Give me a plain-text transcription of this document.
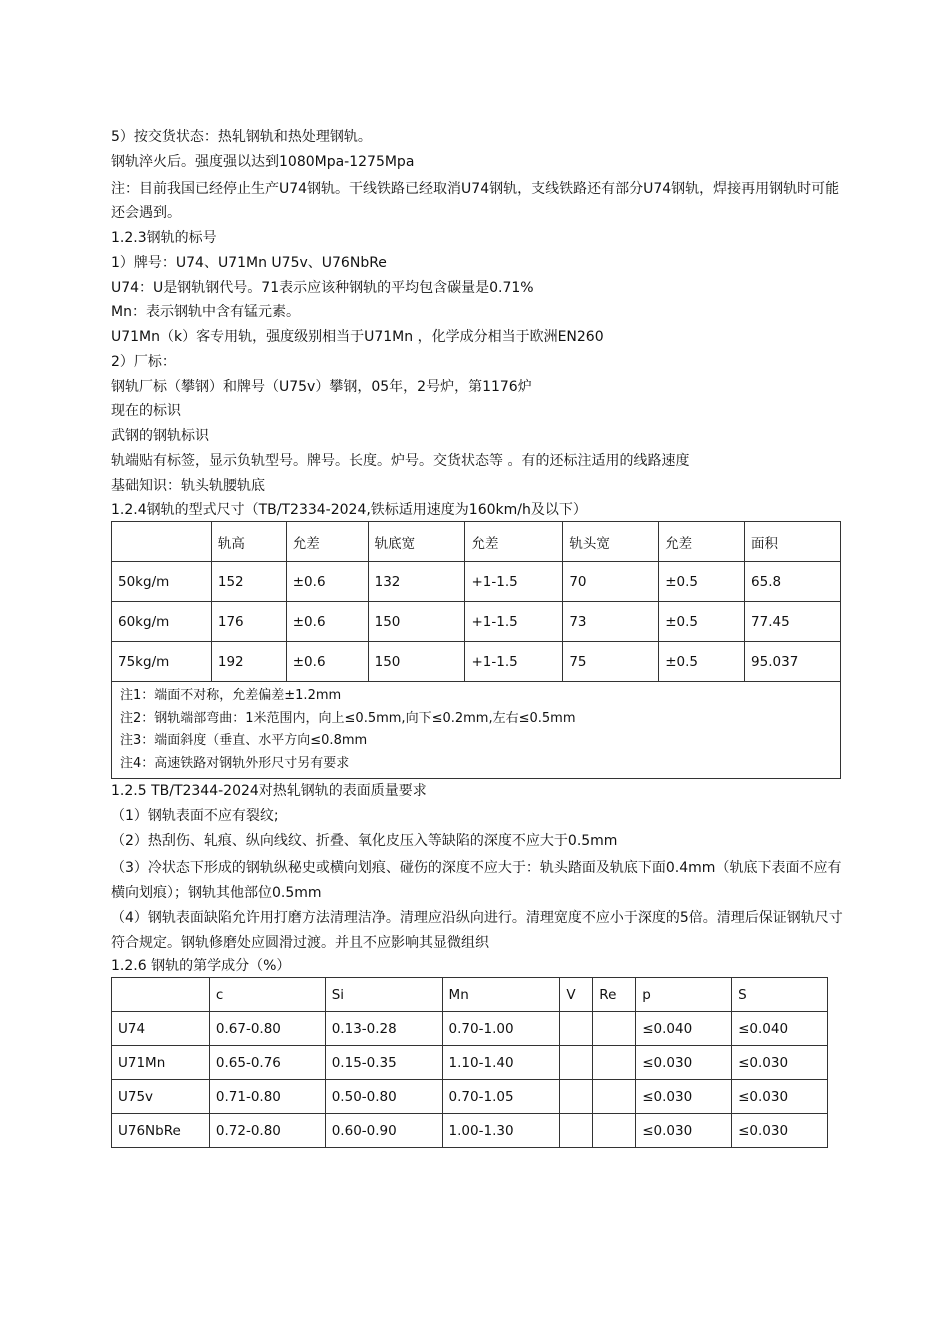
5）按交货状态：热轧钢轨和热处理钢轨。
钢轨淬火后。强度强以达到1080Mpa-1275Mpa
注：目前我国已经停止生产U74钢轨。干线铁路已经取消U74钢轨，支线铁路还有部分U74钢轨，焊接再用钢轨时可能还会遇到。
1.2.3钢轨的标号
1）牌号：U74、U71Mn U75v、U76NbRe
U74：U是钢轨钢代号。71表示应该种钢轨的平均包含碳量是0.71%
Mn：表示钢轨中含有锰元素。
U71Mn（k）客专用轨，强度级别相当于U71Mn ，化学成分相当于欧洲EN260
2）厂标：
钢轨厂标（攀钢）和牌号（U75v）攀钢，05年，2号炉，第1176炉
现在的标识
武钢的钢轨标识
轨端贴有标签，显示负轨型号。牌号。长度。炉号。交货状态等 。有的还标注适用的线路速度
基础知识：轨头轨腰轨底
1.2.4钢轨的型式尺寸（TB/T2334-2024,铁标适用速度为160km/h及以下）
	轨高	允差	轨底宽	允差	轨头宽	允差	面积
50kg/m	152	±0.6	132	+1-1.5	70	±0.5	65.8
60kg/m	176	±0.6	150	+1-1.5	73	±0.5	77.45
75kg/m	192	±0.6	150	+1-1.5	75	±0.5	95.037

注1：端面不对称，允差偏差±1.2mm
注2：钢轨端部弯曲：1米范围内，向上≤0.5mm,向下≤0.2mm,左右≤0.5mm
注3：端面斜度（垂直、水平方向≤0.8mm
注4：高速铁路对钢轨外形尺寸另有要求							
1.2.5 TB/T2344-2024对热轧钢轨的表面质量要求
（1）钢轨表面不应有裂纹;
（2）热刮伤、轧痕、纵向线纹、折叠、氧化皮压入等缺陷的深度不应大于0.5mm
（3）冷状态下形成的钢轨纵秘史或横向划痕、碰伤的深度不应大于：轨头踏面及轨底下面0.4mm（轨底下表面不应有横向划痕）；钢轨其他部位0.5mm
（4）钢轨表面缺陷允许用打磨方法清理洁净。清理应沿纵向进行。清理宽度不应小于深度的5倍。清理后保证钢轨尺寸符合规定。钢轨修磨处应圆滑过渡。并且不应影响其显微组织
1.2.6 钢轨的第学成分（%）
	c	Si	Mn	V	Re	p	S
U74	0.67-0.80	0.13-0.28	0.70-1.00			≤0.040	≤0.040
U71Mn	0.65-0.76	0.15-0.35	1.10-1.40			≤0.030	≤0.030
U75v	0.71-0.80	0.50-0.80	0.70-1.05			≤0.030	≤0.030
U76NbRe	0.72-0.80	0.60-0.90	1.00-1.30			≤0.030	≤0.030
